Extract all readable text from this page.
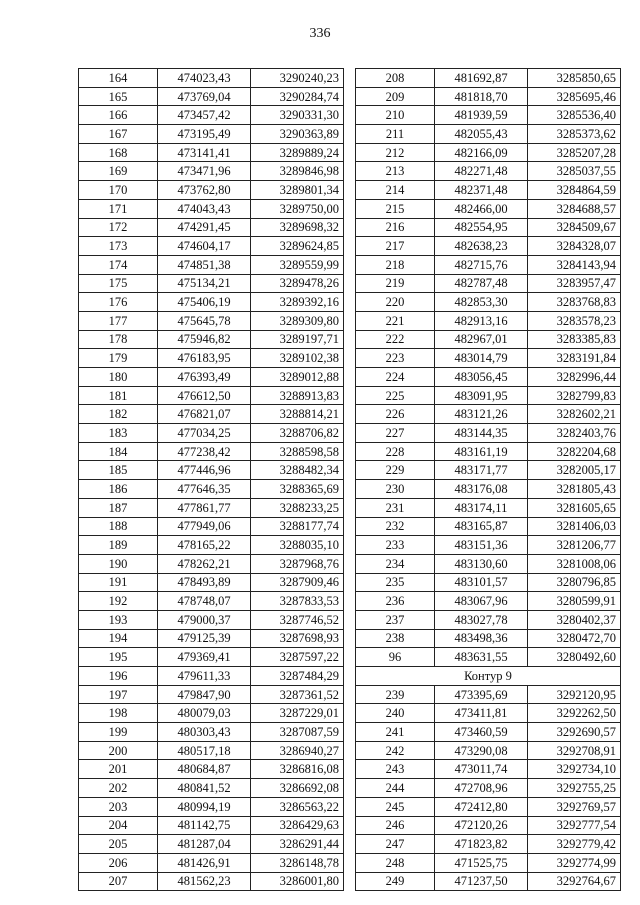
336
164	474023,43	3290240,23
165	473769,04	3290284,74
166	473457,42	3290331,30
167	473195,49	3290363,89
168	473141,41	3289889,24
169	473471,96	3289846,98
170	473762,80	3289801,34
171	474043,43	3289750,00
172	474291,45	3289698,32
173	474604,17	3289624,85
174	474851,38	3289559,99
175	475134,21	3289478,26
176	475406,19	3289392,16
177	475645,78	3289309,80
178	475946,82	3289197,71
179	476183,95	3289102,38
180	476393,49	3289012,88
181	476612,50	3288913,83
182	476821,07	3288814,21
183	477034,25	3288706,82
184	477238,42	3288598,58
185	477446,96	3288482,34
186	477646,35	3288365,69
187	477861,77	3288233,25
188	477949,06	3288177,74
189	478165,22	3288035,10
190	478262,21	3287968,76
191	478493,89	3287909,46
192	478748,07	3287833,53
193	479000,37	3287746,52
194	479125,39	3287698,93
195	479369,41	3287597,22
196	479611,33	3287484,29
197	479847,90	3287361,52
198	480079,03	3287229,01
199	480303,43	3287087,59
200	480517,18	3286940,27
201	480684,87	3286816,08
202	480841,52	3286692,08
203	480994,19	3286563,22
204	481142,75	3286429,63
205	481287,04	3286291,44
206	481426,91	3286148,78
207	481562,23	3286001,80
208	481692,87	3285850,65
209	481818,70	3285695,46
210	481939,59	3285536,40
211	482055,43	3285373,62
212	482166,09	3285207,28
213	482271,48	3285037,55
214	482371,48	3284864,59
215	482466,00	3284688,57
216	482554,95	3284509,67
217	482638,23	3284328,07
218	482715,76	3284143,94
219	482787,48	3283957,47
220	482853,30	3283768,83
221	482913,16	3283578,23
222	482967,01	3283385,83
223	483014,79	3283191,84
224	483056,45	3282996,44
225	483091,95	3282799,83
226	483121,26	3282602,21
227	483144,35	3282403,76
228	483161,19	3282204,68
229	483171,77	3282005,17
230	483176,08	3281805,43
231	483174,11	3281605,65
232	483165,87	3281406,03
233	483151,36	3281206,77
234	483130,60	3281008,06
235	483101,57	3280796,85
236	483067,96	3280599,91
237	483027,78	3280402,37
238	483498,36	3280472,70
96	483631,55	3280492,60
Контур 9		
239	473395,69	3292120,95
240	473411,81	3292262,50
241	473460,59	3292690,57
242	473290,08	3292708,91
243	473011,74	3292734,10
244	472708,96	3292755,25
245	472412,80	3292769,57
246	472120,26	3292777,54
247	471823,82	3292779,42
248	471525,75	3292774,99
249	471237,50	3292764,67
